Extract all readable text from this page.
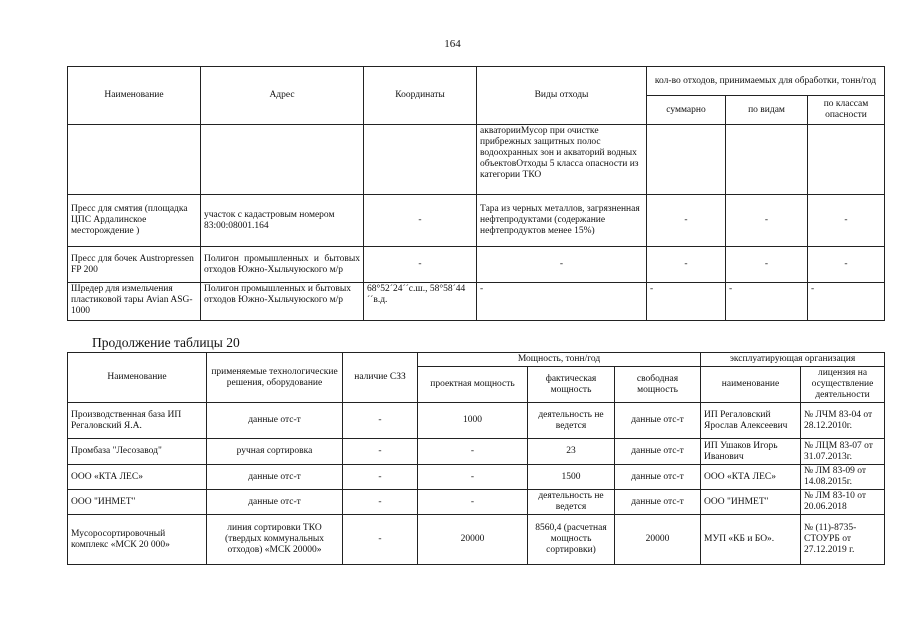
164
Наименование	Адрес	Координаты	Виды отходы	кол-во отходов, принимаемых для обработки, тонн/год		
				суммарно	по видам	по классам опасности
			акваторииМусор при очистке прибрежных защитных полос водоохранных зон и акваторий водных объектовОтходы 5 класса опасности из категории ТКО			
Пресс для смятия (площадка ЦПС Ардалинское месторождение )	участок с кадастровым номером 83:00:08001.164	-	Тара из черных металлов, загрязненная нефтепродуктами (содержание нефтепродуктов менее 15%)	-	-	-
Пресс для бочек Austropressen FP 200	Полигон промышленных и бытовых отходов Южно-Хыльчуюского м/р	-	-	-	-	-
Шредер для измельчения пластиковой тары Avian ASG-1000	Полигон промышленных и бытовых отходов Южно-Хыльчуюского м/р	68°52´24´´с.ш., 58°58´44´´в.д.	-	-	-	-
Продолжение таблицы 20
Наименование	применяемые технологические решения, оборудование	наличие СЗЗ	Мощность, тонн/год			эксплуатирующая организация	
			проектная мощность	фактическая мощность	свободная мощность	наименование	лицензия на осуществление деятельности
Производственная база ИП Регаловский Я.А.	данные отс-т	-	1000	деятельность не ведется	данные отс-т	ИП Регаловский Ярослав Алексеевич	№ ЛЧМ 83-04 от 28.12.2010г.
Промбаза "Лесозавод"	ручная сортировка	-	-	23	данные отс-т	ИП Ушаков Игорь Иванович	№ ЛЦМ 83-07 от 31.07.2013г.
ООО «КТА ЛЕС»	данные отс-т	-	-	1500	данные отс-т	ООО «КТА ЛЕС»	№ ЛМ 83-09 от 14.08.2015г.
ООО "ИНМЕТ"	данные отс-т	-	-	деятельность не ведется	данные отс-т	ООО "ИНМЕТ"	№ ЛМ 83-10 от 20.06.2018
Мусоросортировочный комплекс «МСК 20 000»	линия сортировки ТКО (твердых коммунальных отходов) «МСК 20000»	-	20000	8560,4 (расчетная мощность сортировки)	20000	МУП «КБ и БО».	№ (11)-8735-СТОУРБ от 27.12.2019 г.
